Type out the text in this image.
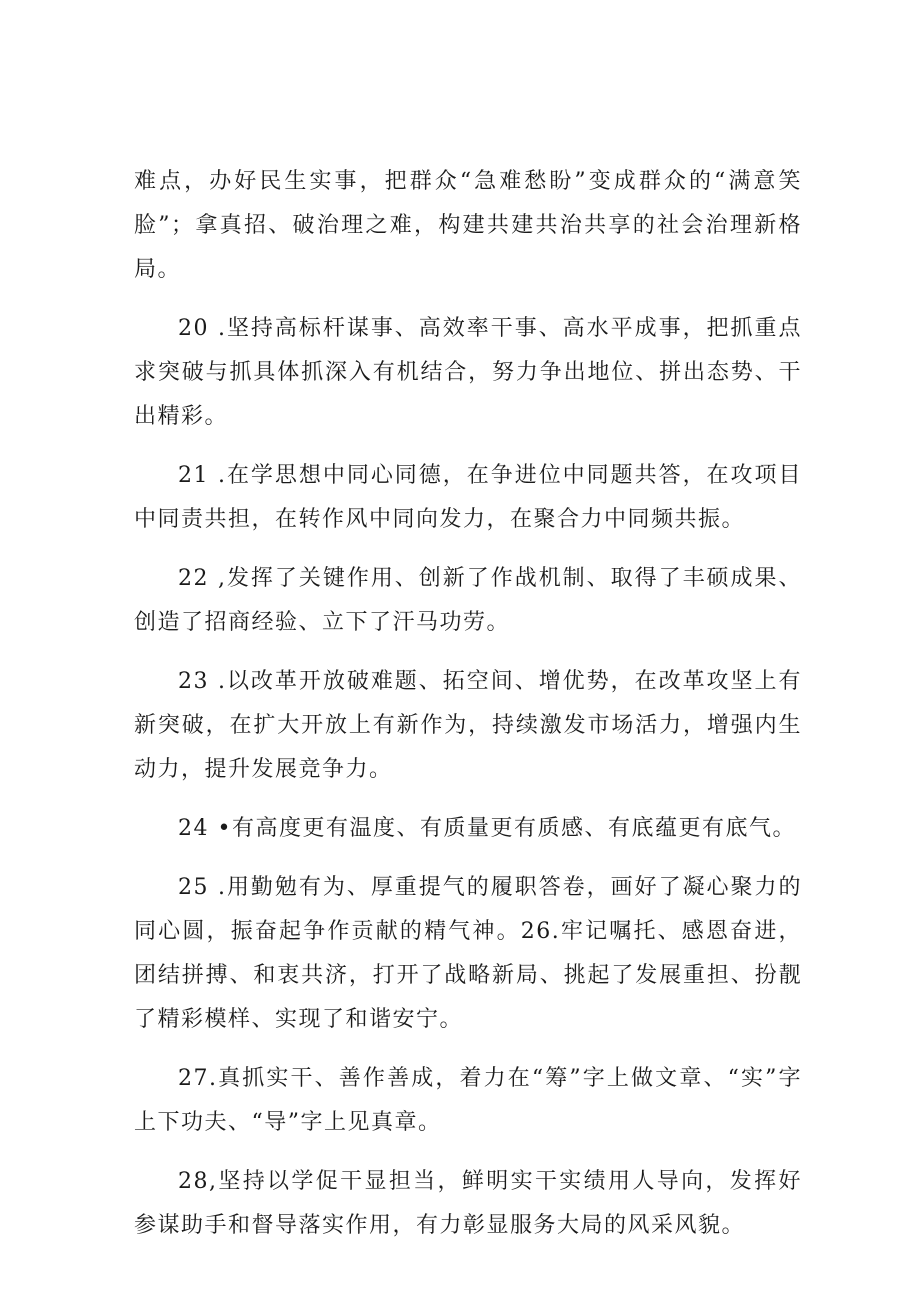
难点，办好民生实事，把群众“急难愁盼”变成群众的“满意笑脸”；拿真招、破治理之难，构建共建共治共享的社会治理新格局。

20 .坚持高标杆谋事、高效率干事、高水平成事，把抓重点求突破与抓具体抓深入有机结合，努力争出地位、拼出态势、干出精彩。

21 .在学思想中同心同德，在争进位中同题共答，在攻项目中同责共担，在转作风中同向发力，在聚合力中同频共振。

22 ,发挥了关键作用、创新了作战机制、取得了丰硕成果、创造了招商经验、立下了汗马功劳。

23 .以改革开放破难题、拓空间、增优势，在改革攻坚上有新突破，在扩大开放上有新作为，持续激发市场活力，增强内生动力，提升发展竞争力。

24 •有高度更有温度、有质量更有质感、有底蕴更有底气。

25 .用勤勉有为、厚重提气的履职答卷，画好了凝心聚力的同心圆，振奋起争作贡献的精气神。26.牢记嘱托、感恩奋进，团结拼搏、和衷共济，打开了战略新局、挑起了发展重担、扮靓了精彩模样、实现了和谐安宁。

27.真抓实干、善作善成，着力在“筹”字上做文章、“实”字上下功夫、“导”字上见真章。

28,坚持以学促干显担当，鲜明实干实绩用人导向，发挥好参谋助手和督导落实作用，有力彰显服务大局的风采风貌。
